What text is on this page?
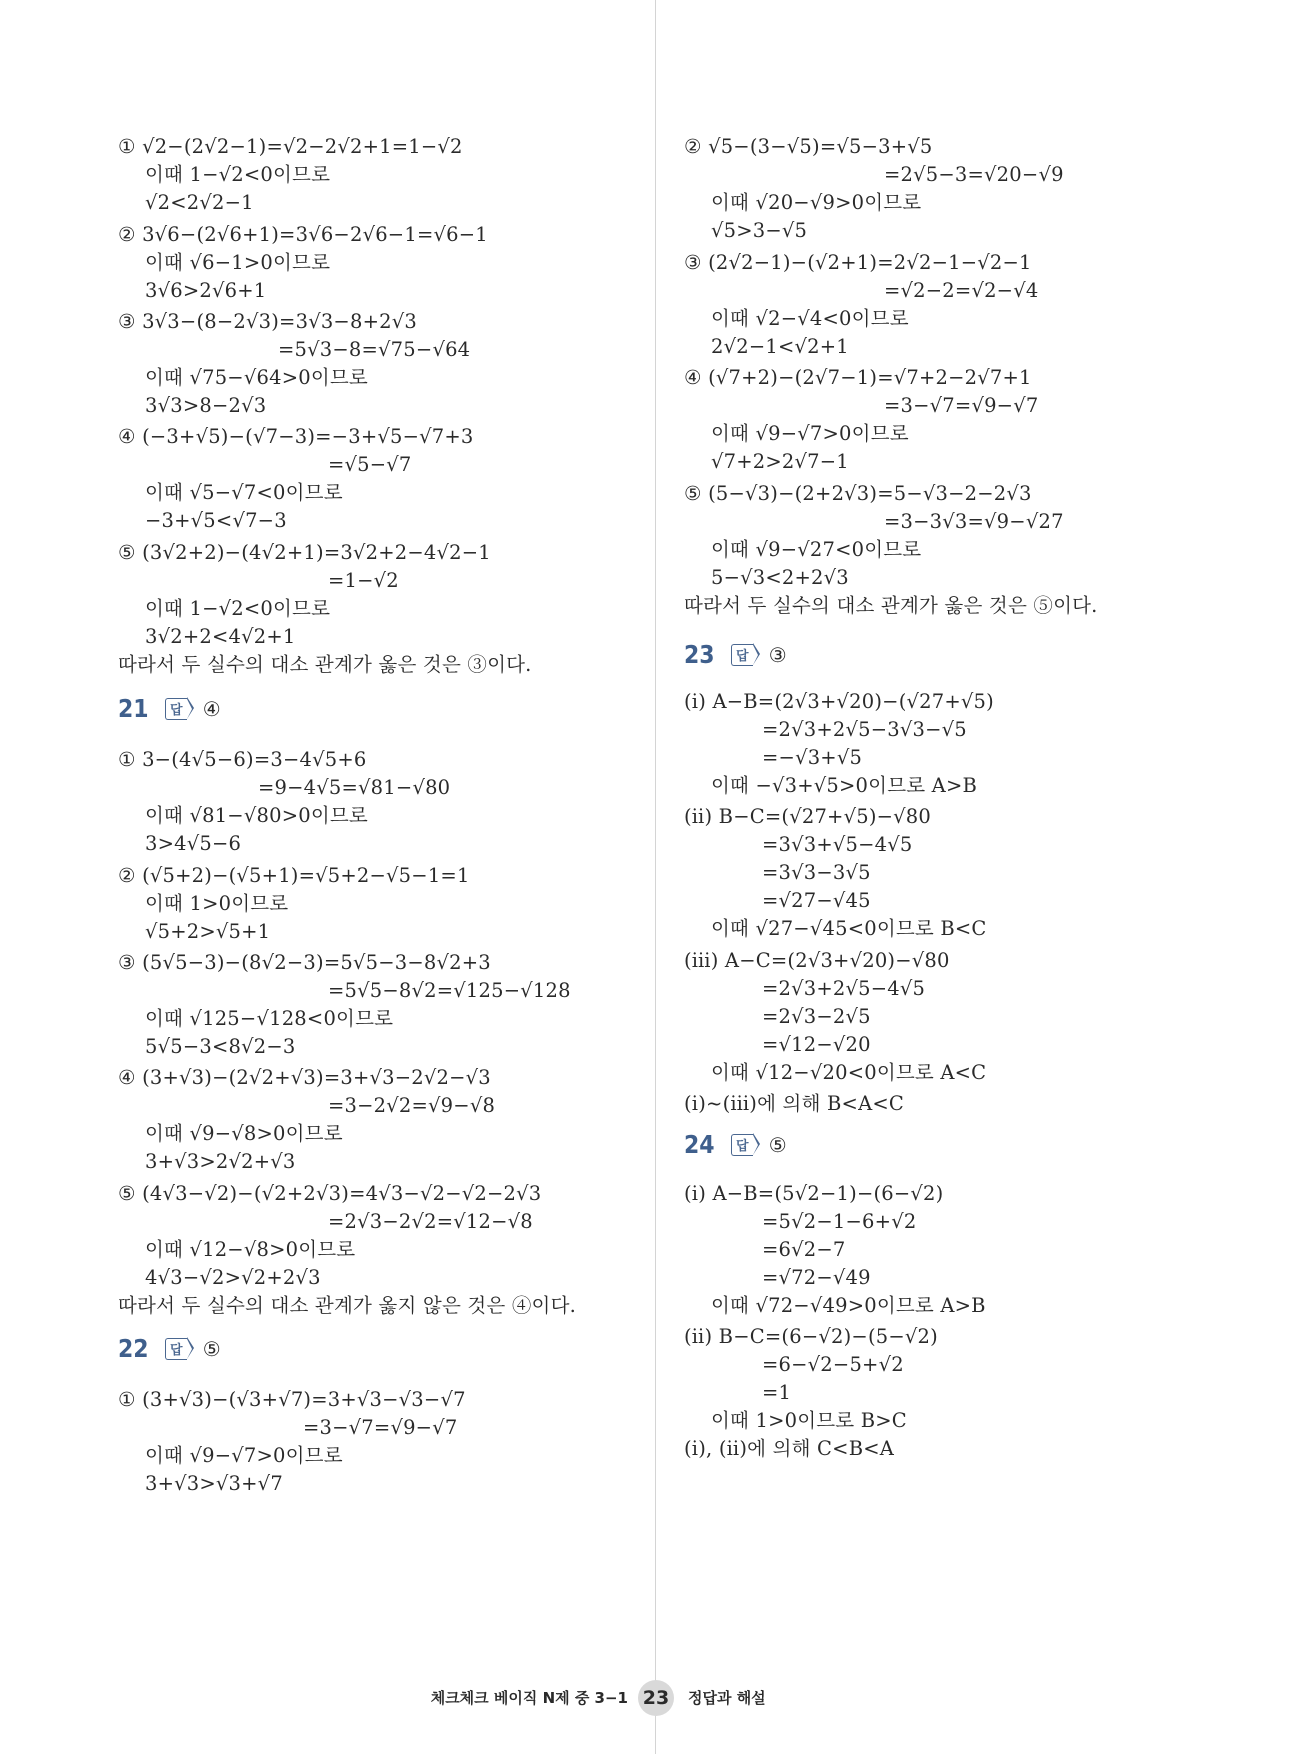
① √2−(2√2−1)=√2−2√2+1=1−√2
이때 1−√2<0이므로
√2<2√2−1
② 3√6−(2√6+1)=3√6−2√6−1=√6−1
이때 √6−1>0이므로
3√6>2√6+1
③ 3√3−(8−2√3)=3√3−8+2√3
=5√3−8=√75−√64
이때 √75−√64>0이므로
3√3>8−2√3
④ (−3+√5)−(√7−3)=−3+√5−√7+3
=√5−√7
이때 √5−√7<0이므로
−3+√5<√7−3
⑤ (3√2+2)−(4√2+1)=3√2+2−4√2−1
=1−√2
이때 1−√2<0이므로
3√2+2<4√2+1
따라서 두 실수의 대소 관계가 옳은 것은 ③이다.
21	답 ④
① 3−(4√5−6)=3−4√5+6
=9−4√5=√81−√80
이때 √81−√80>0이므로
3>4√5−6
② (√5+2)−(√5+1)=√5+2−√5−1=1
이때 1>0이므로
√5+2>√5+1
③ (5√5−3)−(8√2−3)=5√5−3−8√2+3
=5√5−8√2=√125−√128
이때 √125−√128<0이므로
5√5−3<8√2−3
④ (3+√3)−(2√2+√3)=3+√3−2√2−√3
=3−2√2=√9−√8
이때 √9−√8>0이므로
3+√3>2√2+√3
⑤ (4√3−√2)−(√2+2√3)=4√3−√2−√2−2√3
=2√3−2√2=√12−√8
이때 √12−√8>0이므로
4√3−√2>√2+2√3
따라서 두 실수의 대소 관계가 옳지 않은 것은 ④이다.
22	답 ⑤
① (3+√3)−(√3+√7)=3+√3−√3−√7
=3−√7=√9−√7
이때 √9−√7>0이므로
3+√3>√3+√7
② √5−(3−√5)=√5−3+√5
=2√5−3=√20−√9
이때 √20−√9>0이므로
√5>3−√5
③ (2√2−1)−(√2+1)=2√2−1−√2−1
=√2−2=√2−√4
이때 √2−√4<0이므로
2√2−1<√2+1
④ (√7+2)−(2√7−1)=√7+2−2√7+1
=3−√7=√9−√7
이때 √9−√7>0이므로
√7+2>2√7−1
⑤ (5−√3)−(2+2√3)=5−√3−2−2√3
=3−3√3=√9−√27
이때 √9−√27<0이므로
5−√3<2+2√3
따라서 두 실수의 대소 관계가 옳은 것은 ⑤이다.
23	답 ③
(ⅰ) A−B=(2√3+√20)−(√27+√5)
=2√3+2√5−3√3−√5
=−√3+√5
이때 −√3+√5>0이므로 A>B
(ⅱ) B−C=(√27+√5)−√80
=3√3+√5−4√5
=3√3−3√5
=√27−√45
이때 √27−√45<0이므로 B<C
(ⅲ) A−C=(2√3+√20)−√80
=2√3+2√5−4√5
=2√3−2√5
=√12−√20
이때 √12−√20<0이므로 A<C
(ⅰ)~(ⅲ)에 의해 B<A<C
24	답 ⑤
(ⅰ) A−B=(5√2−1)−(6−√2)
=5√2−1−6+√2
=6√2−7
=√72−√49
이때 √72−√49>0이므로 A>B
(ⅱ) B−C=(6−√2)−(5−√2)
=6−√2−5+√2
=1
이때 1>0이므로 B>C
(ⅰ), (ⅱ)에 의해 C<B<A
체크체크 베이직 N제 중 3−1 23	정답과 해설
